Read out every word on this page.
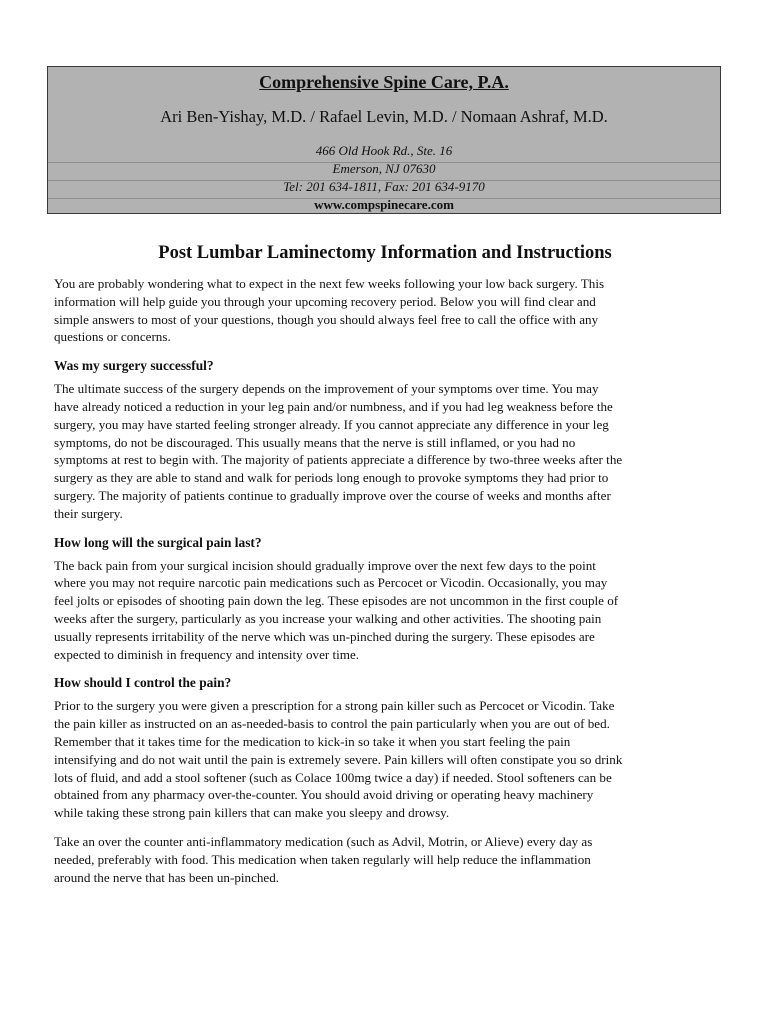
Comprehensive Spine Care, P.A.
Ari Ben-Yishay, M.D. / Rafael Levin, M.D. / Nomaan Ashraf, M.D.
466 Old Hook Rd., Ste. 16
Emerson, NJ 07630
Tel: 201 634-1811, Fax: 201 634-9170
www.compspinecare.com
Post Lumbar Laminectomy Information and Instructions

You are probably wondering what to expect in the next few weeks following your low back surgery. This
information will help guide you through your upcoming recovery period. Below you will find clear and
simple answers to most of your questions, though you should always feel free to call the office with any
questions or concerns.

Was my surgery successful?

The ultimate success of the surgery depends on the improvement of your symptoms over time. You may
have already noticed a reduction in your leg pain and/or numbness, and if you had leg weakness before the
surgery, you may have started feeling stronger already. If you cannot appreciate any difference in your leg
symptoms, do not be discouraged. This usually means that the nerve is still inflamed, or you had no
symptoms at rest to begin with. The majority of patients appreciate a difference by two-three weeks after the
surgery as they are able to stand and walk for periods long enough to provoke symptoms they had prior to
surgery. The majority of patients continue to gradually improve over the course of weeks and months after
their surgery.

How long will the surgical pain last?

The back pain from your surgical incision should gradually improve over the next few days to the point
where you may not require narcotic pain medications such as Percocet or Vicodin. Occasionally, you may
feel jolts or episodes of shooting pain down the leg. These episodes are not uncommon in the first couple of
weeks after the surgery, particularly as you increase your walking and other activities. The shooting pain
usually represents irritability of the nerve which was un-pinched during the surgery. These episodes are
expected to diminish in frequency and intensity over time.

How should I control the pain?

Prior to the surgery you were given a prescription for a strong pain killer such as Percocet or Vicodin. Take
the pain killer as instructed on an as-needed-basis to control the pain particularly when you are out of bed.
Remember that it takes time for the medication to kick-in so take it when you start feeling the pain
intensifying and do not wait until the pain is extremely severe. Pain killers will often constipate you so drink
lots of fluid, and add a stool softener (such as Colace 100mg twice a day) if needed. Stool softeners can be
obtained from any pharmacy over-the-counter. You should avoid driving or operating heavy machinery
while taking these strong pain killers that can make you sleepy and drowsy.

Take an over the counter anti-inflammatory medication (such as Advil, Motrin, or Alieve) every day as
needed, preferably with food. This medication when taken regularly will help reduce the inflammation
around the nerve that has been un-pinched.
